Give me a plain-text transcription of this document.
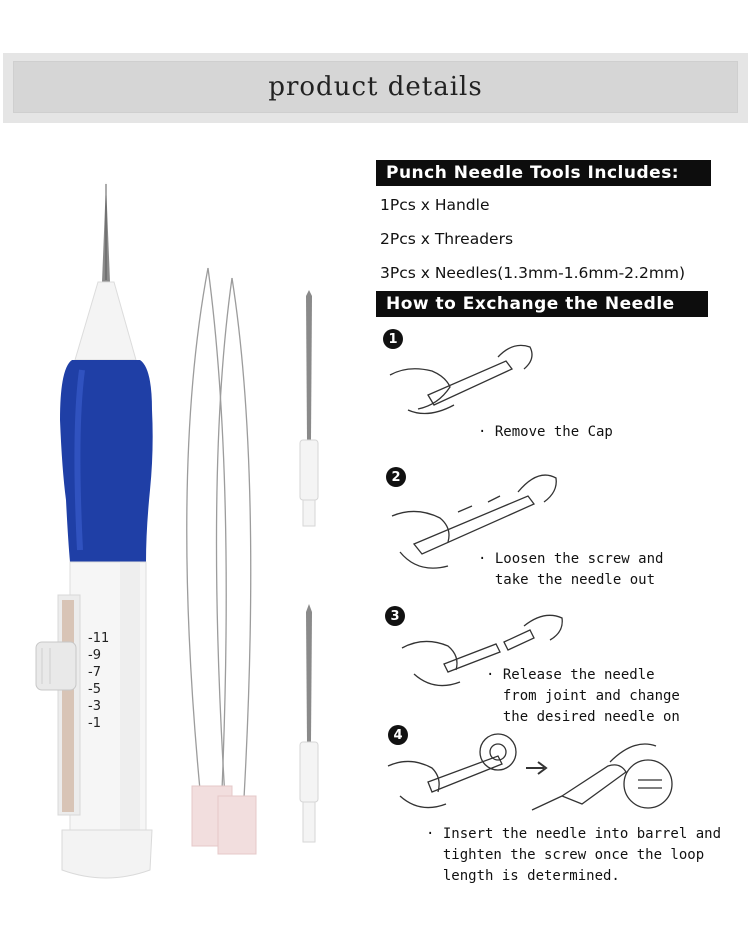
product details
-11
-9
-7
-5
-3
-1
Punch Needle Tools Includes:
1Pcs x Handle
2Pcs x Threaders
3Pcs x Needles(1.3mm-1.6mm-2.2mm)
How to Exchange the Needle
1
· Remove the Cap
2
· Loosen the screw and
take the needle out
3
· Release the needle
from joint and change
the desired needle on
4
· Insert the needle into barrel and
tighten the screw once the loop
length is determined.
